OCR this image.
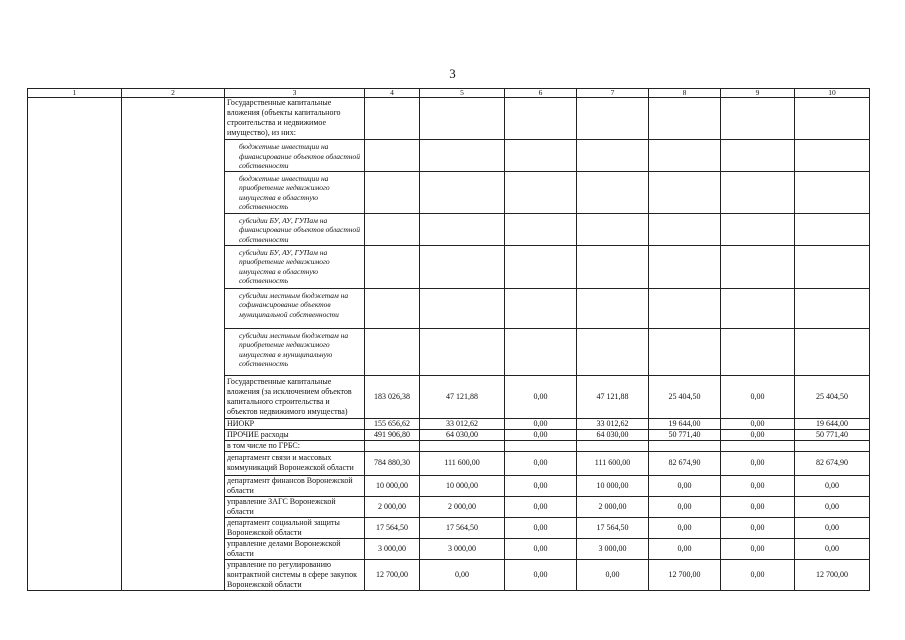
3
1	2	3	4	5	6	7	8	9	10
		Государственные капитальные вложения (объекты капитального строительства и недвижимое имущество), из них:							
		бюджетные инвестиции на финансирование объектов областной собственности							
		бюджетные инвестиции на приобретение недвижимого имущества в областную собственность							
		субсидии БУ, АУ, ГУПам на финансирование объектов областной собственности							
		субсидии БУ, АУ, ГУПам на приобретение недвижимого имущества в областную собственность							
		субсидии местным бюджетам на софинансирование объектов муниципальной собственности							
		субсидии местным бюджетам на приобретение недвижимого имущества в муниципальную собственность							
		Государственные капитальные вложения (за исключением объектов капитального строительства и объектов недвижимого имущества)	183 026,38	47 121,88	0,00	47 121,88	25 404,50	0,00	25 404,50
		НИОКР	155 656,62	33 012,62	0,00	33 012,62	19 644,00	0,00	19 644,00
		ПРОЧИЕ расходы	491 906,80	64 030,00	0,00	64 030,00	50 771,40	0,00	50 771,40
		в том числе по ГРБС:							
		департамент связи и массовых коммуникаций Воронежской области	784 880,30	111 600,00	0,00	111 600,00	82 674,90	0,00	82 674,90
		департамент финансов Воронежской области	10 000,00	10 000,00	0,00	10 000,00	0,00	0,00	0,00
		управление ЗАГС Воронежской области	2 000,00	2 000,00	0,00	2 000,00	0,00	0,00	0,00
		департамент социальной защиты Воронежской области	17 564,50	17 564,50	0,00	17 564,50	0,00	0,00	0,00
		управление делами Воронежской области	3 000,00	3 000,00	0,00	3 000,00	0,00	0,00	0,00
		управление по регулированию контрактной системы в сфере закупок Воронежской области	12 700,00	0,00	0,00	0,00	12 700,00	0,00	12 700,00
